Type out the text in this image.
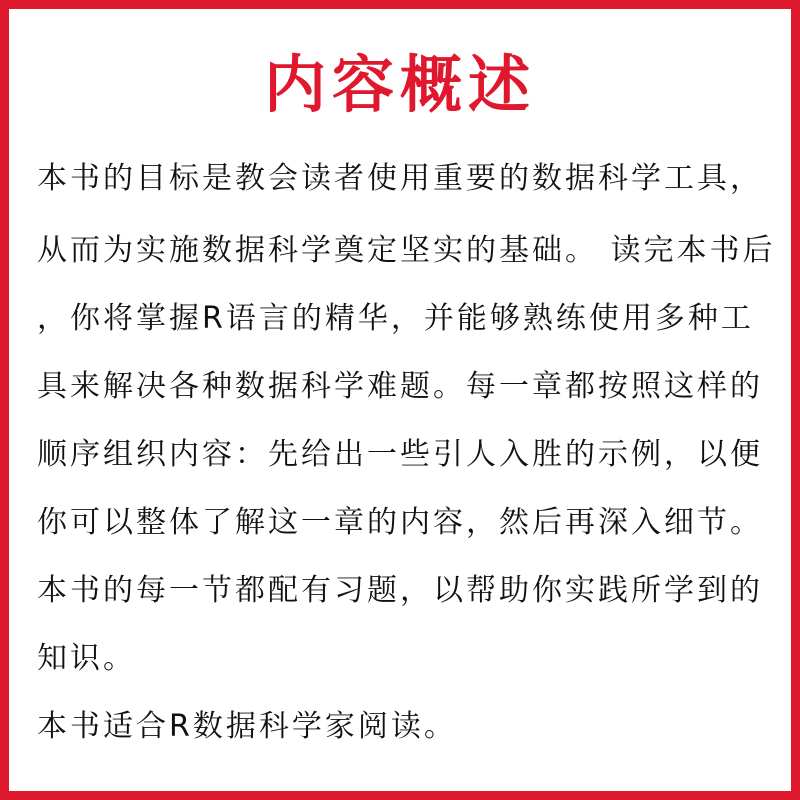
内容概述
本书的目标是教会读者使用重要的数据科学工具，
从而为实施数据科学奠定坚实的基础。 读完本书后
，你将掌握R语言的精华，并能够熟练使用多种工
具来解决各种数据科学难题。每一章都按照这样的
顺序组织内容：先给出一些引人入胜的示例，以便
你可以整体了解这一章的内容，然后再深入细节。
本书的每一节都配有习题，以帮助你实践所学到的
知识。
本书适合R数据科学家阅读。
